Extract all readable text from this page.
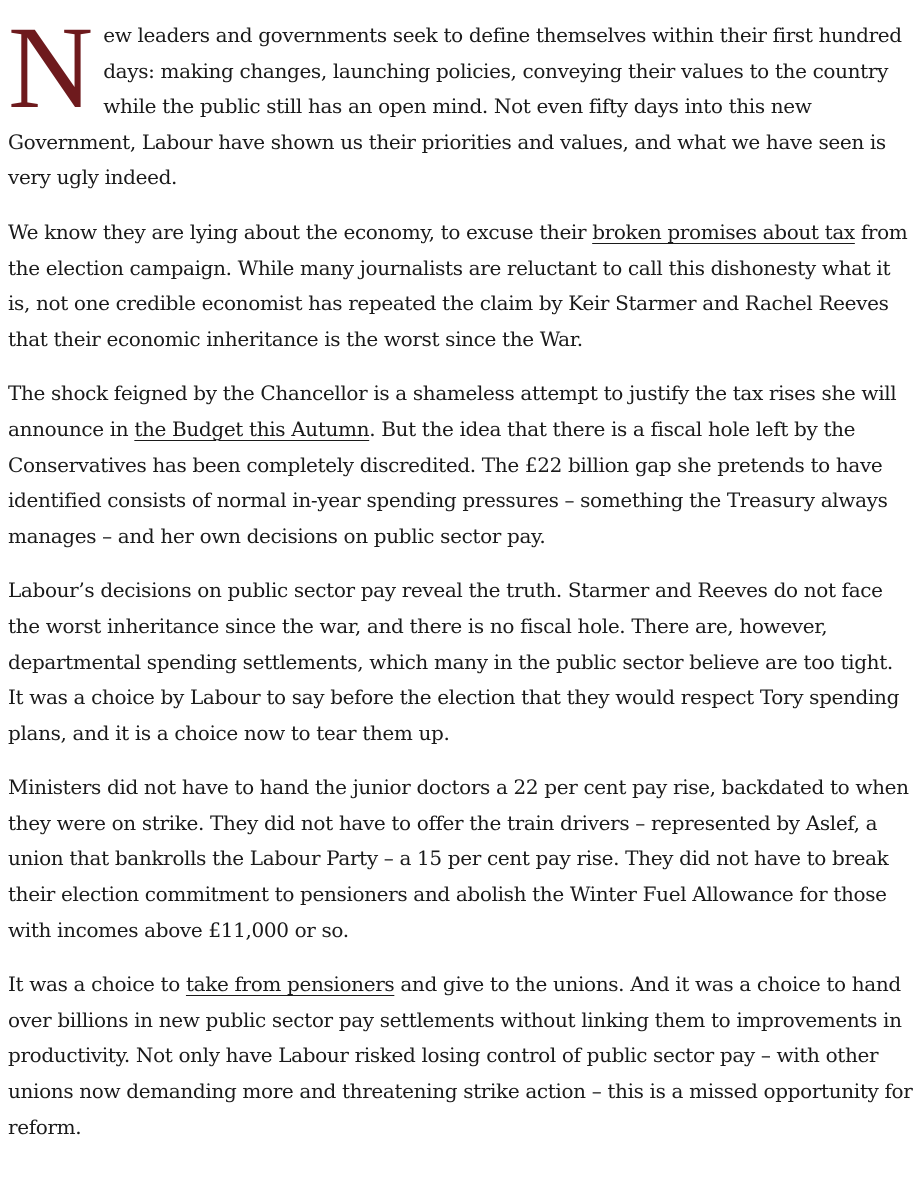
New leaders and governments seek to define themselves within their first hundred days: making changes, launching policies, conveying their values to the country while the public still has an open mind. Not even fifty days into this new Government, Labour have shown us their priorities and values, and what we have seen is very ugly indeed.

We know they are lying about the economy, to excuse their broken promises about tax from the election campaign. While many journalists are reluctant to call this dishonesty what it is, not one credible economist has repeated the claim by Keir Starmer and Rachel Reeves that their economic inheritance is the worst since the War.

The shock feigned by the Chancellor is a shameless attempt to justify the tax rises she will announce in the Budget this Autumn. But the idea that there is a fiscal hole left by the Conservatives has been completely discredited. The £22 billion gap she pretends to have identified consists of normal in-year spending pressures – something the Treasury always manages – and her own decisions on public sector pay.

Labour’s decisions on public sector pay reveal the truth. Starmer and Reeves do not face the worst inheritance since the war, and there is no fiscal hole. There are, however, departmental spending settlements, which many in the public sector believe are too tight. It was a choice by Labour to say before the election that they would respect Tory spending plans, and it is a choice now to tear them up.

Ministers did not have to hand the junior doctors a 22 per cent pay rise, backdated to when they were on strike. They did not have to offer the train drivers – represented by Aslef, a union that bankrolls the Labour Party – a 15 per cent pay rise. They did not have to break their election commitment to pensioners and abolish the Winter Fuel Allowance for those with incomes above £11,000 or so.

It was a choice to take from pensioners and give to the unions. And it was a choice to hand over billions in new public sector pay settlements without linking them to improvements in productivity. Not only have Labour risked losing control of public sector pay – with other unions now demanding more and threatening strike action – this is a missed opportunity for reform.
